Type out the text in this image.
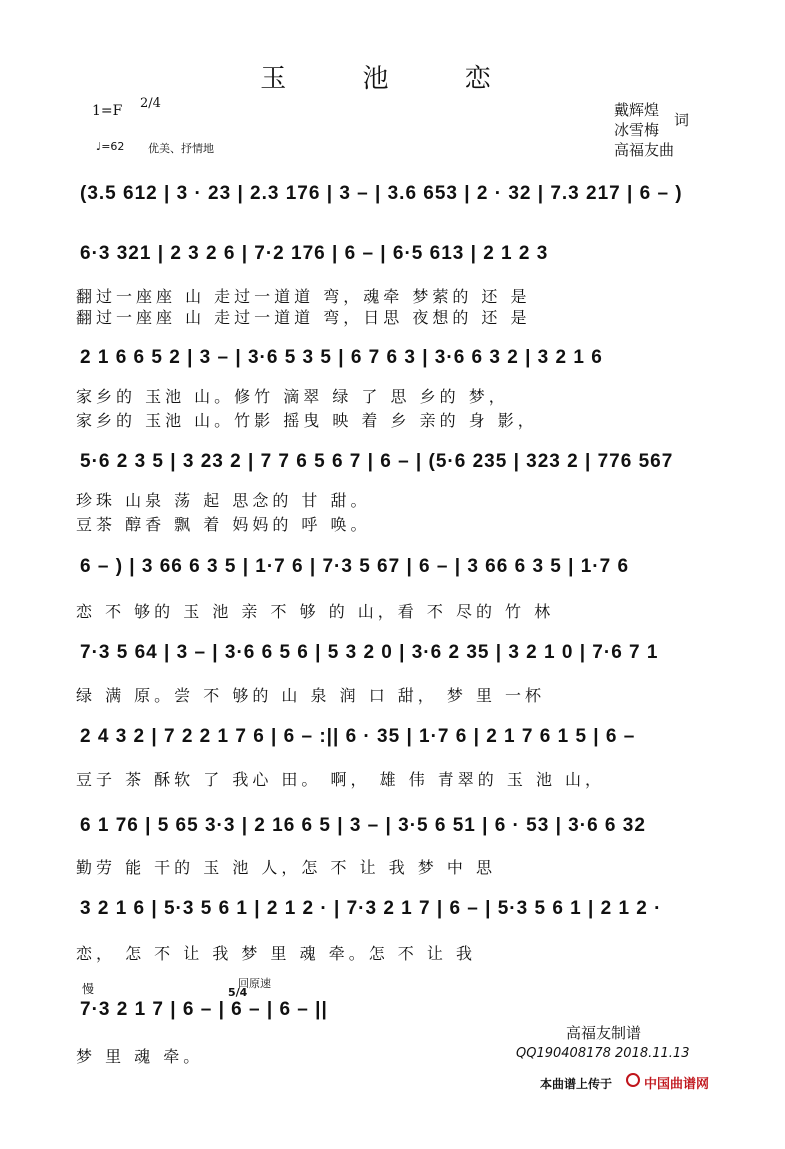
玉 池 恋
1=F 2/4
♩=62 优美、抒情地
戴辉煌
冰雪梅
高福友曲
词
(3.5 612 | 3 · 23 | 2.3 176 | 3 – | 3.6 653 | 2 · 32 | 7.3 217 | 6 – )
6·3 321 | 2 3 2 6 | 7·2 176 | 6 – | 6·5 613 | 2 1 2 3
翻过一座座 山 走过一道道 弯，魂牵 梦萦的 还 是
翻过一座座 山 走过一道道 弯，日思 夜想的 还 是
2 1 6 6 5 2 | 3 – | 3·6 5 3 5 | 6 7 6 3 | 3·6 6 3 2 | 3 2 1 6
家乡的 玉池 山。修竹 滴翠 绿 了 思 乡的 梦，
家乡的 玉池 山。竹影 摇曳 映 着 乡 亲的 身 影，
5·6 2 3 5 | 3 23 2 | 7 7 6 5 6 7 | 6 – | (5·6 235 | 323 2 | 776 567
珍珠 山泉 荡 起 思念的 甘 甜。
豆茶 醇香 飘 着 妈妈的 呼 唤。
6 – ) | 3 66 6 3 5 | 1·7 6 | 7·3 5 67 | 6 – | 3 66 6 3 5 | 1·7 6
恋 不 够的 玉 池 亲 不 够 的 山，看 不 尽的 竹 林
7·3 5 64 | 3 – | 3·6 6 5 6 | 5 3 2 0 | 3·6 2 35 | 3 2 1 0 | 7·6 7 1
绿 满 原。尝 不 够的 山 泉 润 口 甜， 梦 里 一杯
2 4 3 2 | 7 2 2 1 7 6 | 6 – :|| 6 · 35 | 1·7 6 | 2 1 7 6 1 5 | 6 –
豆子 茶 酥软 了 我心 田。 啊， 雄 伟 青翠的 玉 池 山，
6 1 76 | 5 65 3·3 | 2 16 6 5 | 3 – | 3·5 6 51 | 6 · 53 | 3·6 6 32
勤劳 能 干的 玉 池 人，怎 不 让 我 梦 中 思
3 2 1 6 | 5·3 5 6 1 | 2 1 2 · | 7·3 2 1 7 | 6 – | 5·3 5 6 1 | 2 1 2 ·
恋， 怎 不 让 我 梦 里 魂 牵。怎 不 让 我
慢	回原速
5/4
7·3 2 1 7 | 6 – | 6 – | 6 – ||
梦 里 魂 牵。
高福友制谱
QQ190408178 2018.11.13
本曲谱上传于 中国曲谱网
